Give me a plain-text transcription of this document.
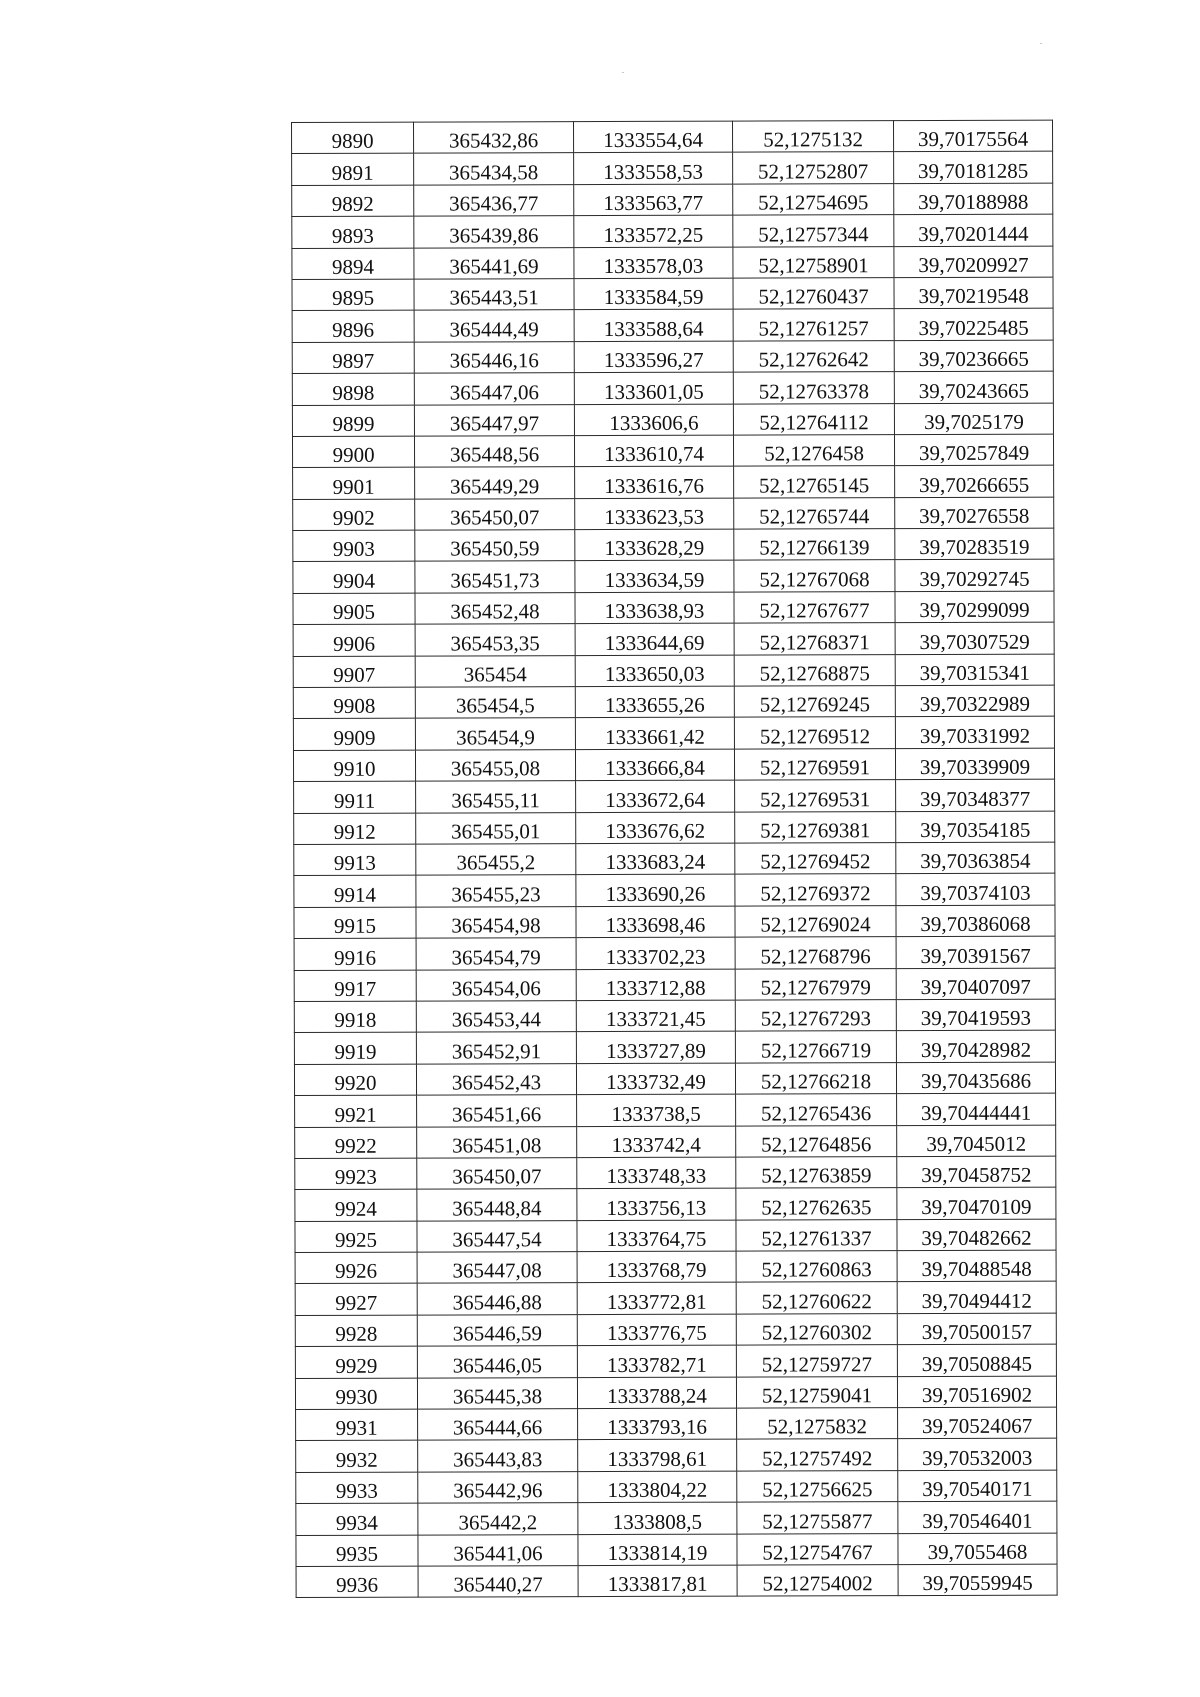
9890	365432,86	1333554,64	52,1275132	39,70175564
9891	365434,58	1333558,53	52,12752807	39,70181285
9892	365436,77	1333563,77	52,12754695	39,70188988
9893	365439,86	1333572,25	52,12757344	39,70201444
9894	365441,69	1333578,03	52,12758901	39,70209927
9895	365443,51	1333584,59	52,12760437	39,70219548
9896	365444,49	1333588,64	52,12761257	39,70225485
9897	365446,16	1333596,27	52,12762642	39,70236665
9898	365447,06	1333601,05	52,12763378	39,70243665
9899	365447,97	1333606,6	52,12764112	39,7025179
9900	365448,56	1333610,74	52,1276458	39,70257849
9901	365449,29	1333616,76	52,12765145	39,70266655
9902	365450,07	1333623,53	52,12765744	39,70276558
9903	365450,59	1333628,29	52,12766139	39,70283519
9904	365451,73	1333634,59	52,12767068	39,70292745
9905	365452,48	1333638,93	52,12767677	39,70299099
9906	365453,35	1333644,69	52,12768371	39,70307529
9907	365454	1333650,03	52,12768875	39,70315341
9908	365454,5	1333655,26	52,12769245	39,70322989
9909	365454,9	1333661,42	52,12769512	39,70331992
9910	365455,08	1333666,84	52,12769591	39,70339909
9911	365455,11	1333672,64	52,12769531	39,70348377
9912	365455,01	1333676,62	52,12769381	39,70354185
9913	365455,2	1333683,24	52,12769452	39,70363854
9914	365455,23	1333690,26	52,12769372	39,70374103
9915	365454,98	1333698,46	52,12769024	39,70386068
9916	365454,79	1333702,23	52,12768796	39,70391567
9917	365454,06	1333712,88	52,12767979	39,70407097
9918	365453,44	1333721,45	52,12767293	39,70419593
9919	365452,91	1333727,89	52,12766719	39,70428982
9920	365452,43	1333732,49	52,12766218	39,70435686
9921	365451,66	1333738,5	52,12765436	39,70444441
9922	365451,08	1333742,4	52,12764856	39,7045012
9923	365450,07	1333748,33	52,12763859	39,70458752
9924	365448,84	1333756,13	52,12762635	39,70470109
9925	365447,54	1333764,75	52,12761337	39,70482662
9926	365447,08	1333768,79	52,12760863	39,70488548
9927	365446,88	1333772,81	52,12760622	39,70494412
9928	365446,59	1333776,75	52,12760302	39,70500157
9929	365446,05	1333782,71	52,12759727	39,70508845
9930	365445,38	1333788,24	52,12759041	39,70516902
9931	365444,66	1333793,16	52,1275832	39,70524067
9932	365443,83	1333798,61	52,12757492	39,70532003
9933	365442,96	1333804,22	52,12756625	39,70540171
9934	365442,2	1333808,5	52,12755877	39,70546401
9935	365441,06	1333814,19	52,12754767	39,7055468
9936	365440,27	1333817,81	52,12754002	39,70559945
